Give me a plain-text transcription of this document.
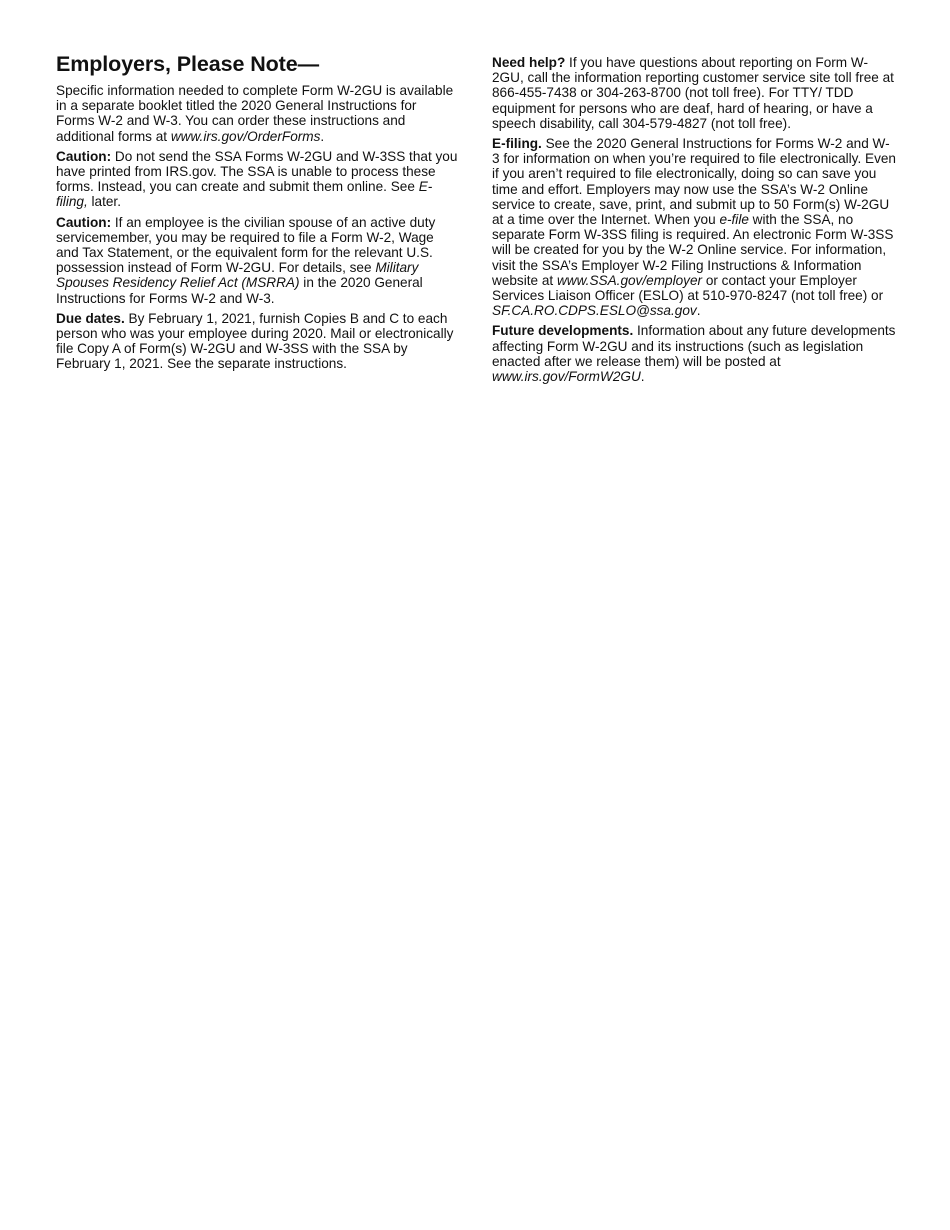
Employers, Please Note—

Specific information needed to complete Form W-2GU is available in a separate booklet titled the 2020 General Instructions for Forms W-2 and W-3. You can order these instructions and additional forms at www.irs.gov/OrderForms.

Caution: Do not send the SSA Forms W-2GU and W-3SS that you have printed from IRS.gov. The SSA is unable to process these forms. Instead, you can create and submit them online. See E-filing, later.

Caution: If an employee is the civilian spouse of an active duty servicemember, you may be required to file a Form W-2, Wage and Tax Statement, or the equivalent form for the relevant U.S. possession instead of Form W-2GU. For details, see Military Spouses Residency Relief Act (MSRRA) in the 2020 General Instructions for Forms W-2 and W-3.

Due dates. By February 1, 2021, furnish Copies B and C to each person who was your employee during 2020. Mail or electronically file Copy A of Form(s) W-2GU and W-3SS with the SSA by February 1, 2021. See the separate instructions.

Need help? If you have questions about reporting on Form W-2GU, call the information reporting customer service site toll free at 866-455-7438 or 304-263-8700 (not toll free). For TTY/ TDD equipment for persons who are deaf, hard of hearing, or have a speech disability, call 304-579-4827 (not toll free).

E-filing. See the 2020 General Instructions for Forms W-2 and W-3 for information on when you’re required to file electronically. Even if you aren’t required to file electronically, doing so can save you time and effort. Employers may now use the SSA’s W-2 Online service to create, save, print, and submit up to 50 Form(s) W-2GU at a time over the Internet. When you e-file with the SSA, no separate Form W-3SS filing is required. An electronic Form W-3SS will be created for you by the W-2 Online service. For information, visit the SSA’s Employer W-2 Filing Instructions & Information website at www.SSA.gov/employer or contact your Employer Services Liaison Officer (ESLO) at 510-970-8247 (not toll free) or SF.CA.RO.CDPS.ESLO@ssa.gov.

Future developments. Information about any future developments affecting Form W-2GU and its instructions (such as legislation enacted after we release them) will be posted at www.irs.gov/FormW2GU.
